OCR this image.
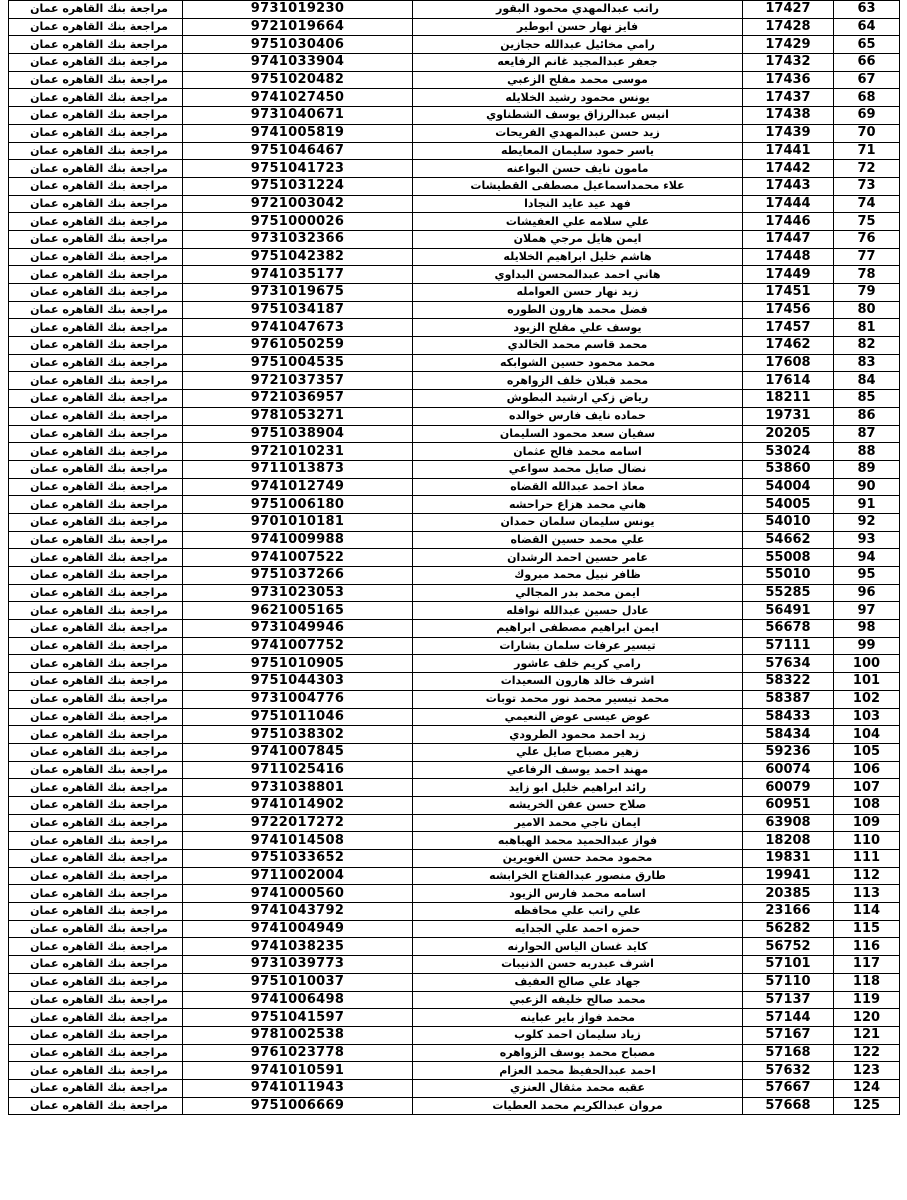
63	17427	راتب عبدالمهدي محمود البقور	9731019230	مراجعة بنك القاهره عمان
64	17428	فايز نهار حسن ابوطير	9721019664	مراجعة بنك القاهره عمان
65	17429	رامي مخائيل عبدالله حجازين	9751030406	مراجعة بنك القاهره عمان
66	17432	جعفر عبدالمجيد غانم الرفايعه	9741033904	مراجعة بنك القاهره عمان
67	17436	موسى محمد مفلح الزعبي	9751020482	مراجعة بنك القاهره عمان
68	17437	يونس محمود رشيد الخلايله	9741027450	مراجعة بنك القاهره عمان
69	17438	انيس عبدالرزاق يوسف الشطناوي	9731040671	مراجعة بنك القاهره عمان
70	17439	زيد حسن عبدالمهدي الفريحات	9741005819	مراجعة بنك القاهره عمان
71	17441	ياسر حمود سليمان المعايطه	9751046467	مراجعة بنك القاهره عمان
72	17442	مامون نايف حسن البواعنه	9751041723	مراجعة بنك القاهره عمان
73	17443	علاء محمداسماعيل مصطفى القطيشات	9751031224	مراجعة بنك القاهره عمان
74	17444	فهد عيد عايد النجادا	9721003042	مراجعة بنك القاهره عمان
75	17446	علي سلامه علي العفيشات	9751000026	مراجعة بنك القاهره عمان
76	17447	ايمن هايل مرجي هملان	9731032366	مراجعة بنك القاهره عمان
77	17448	هاشم خليل ابراهيم الخلايله	9751042382	مراجعة بنك القاهره عمان
78	17449	هاني احمد عبدالمحسن البداوي	9741035177	مراجعة بنك القاهره عمان
79	17451	زيد نهار حسن العوامله	9731019675	مراجعة بنك القاهره عمان
80	17456	فضل محمد هارون الطوره	9751034187	مراجعة بنك القاهره عمان
81	17457	يوسف علي مفلح الزيود	9741047673	مراجعة بنك القاهره عمان
82	17462	محمد قاسم محمد الخالدي	9761050259	مراجعة بنك القاهره عمان
83	17608	محمد محمود حسين الشوابكه	9751004535	مراجعة بنك القاهره عمان
84	17614	محمد قبلان خلف الزواهره	9721037357	مراجعة بنك القاهره عمان
85	18211	رياض زكي ارشيد البطوش	9721036957	مراجعة بنك القاهره عمان
86	19731	حماده نايف فارس خوالده	9781053271	مراجعة بنك القاهره عمان
87	20205	سفيان سعد محمود السليمان	9751038904	مراجعة بنك القاهره عمان
88	53024	اسامه محمد فالح عثمان	9721010231	مراجعة بنك القاهره عمان
89	53860	نضال صايل محمد سواعي	9711013873	مراجعة بنك القاهره عمان
90	54004	معاذ احمد عبدالله القضاه	9741012749	مراجعة بنك القاهره عمان
91	54005	هاني محمد هزاع حراحشه	9751006180	مراجعة بنك القاهره عمان
92	54010	يونس سليمان سلمان حمدان	9701010181	مراجعة بنك القاهره عمان
93	54662	علي محمد حسين القضاه	9741009988	مراجعة بنك القاهره عمان
94	55008	عامر حسين احمد الرشدان	9741007522	مراجعة بنك القاهره عمان
95	55010	ظافر نبيل محمد مبروك	9751037266	مراجعة بنك القاهره عمان
96	55285	ايمن محمد بدر المجالي	9731023053	مراجعة بنك القاهره عمان
97	56491	عادل حسين عبدالله نوافله	9621005165	مراجعة بنك القاهره عمان
98	56678	ايمن ابراهيم مصطفى ابراهيم	9731049946	مراجعة بنك القاهره عمان
99	57111	تيسير عرفات سلمان بشارات	9741007752	مراجعة بنك القاهره عمان
100	57634	رامي كريم خلف عاشور	9751010905	مراجعة بنك القاهره عمان
101	58322	اشرف خالد هارون السعيدات	9751044303	مراجعة بنك القاهره عمان
102	58387	محمد تيسير محمد نور محمد توبات	9731004776	مراجعة بنك القاهره عمان
103	58433	عوض عيسى عوض النعيمي	9751011046	مراجعة بنك القاهره عمان
104	58434	زيد احمد محمود الطرودي	9751038302	مراجعة بنك القاهره عمان
105	59236	زهير مصباح صايل علي	9741007845	مراجعة بنك القاهره عمان
106	60074	مهند احمد يوسف الرفاعي	9711025416	مراجعة بنك القاهره عمان
107	60079	رائد ابراهيم خليل ابو زايد	9731038801	مراجعة بنك القاهره عمان
108	60951	صلاح حسن عفن الخريشه	9741014902	مراجعة بنك القاهره عمان
109	63908	ايمان ناجي محمد الامير	9722017272	مراجعة بنك القاهره عمان
110	18208	فواز عبدالحميد محمد الهباهبه	9741014508	مراجعة بنك القاهره عمان
111	19831	محمود محمد حسن الغويرين	9751033652	مراجعة بنك القاهره عمان
112	19941	طارق منصور عبدالفتاح الخرابشه	9711002004	مراجعة بنك القاهره عمان
113	20385	اسامه محمد فارس الزيود	9741000560	مراجعة بنك القاهره عمان
114	23166	علي راتب علي محافظه	9741043792	مراجعة بنك القاهره عمان
115	56282	حمزه احمد علي الجدايه	9741004949	مراجعة بنك القاهره عمان
116	56752	كايد غسان الياس الحوارنه	9741038235	مراجعة بنك القاهره عمان
117	57101	اشرف عبدربه حسن الذنيبات	9731039773	مراجعة بنك القاهره عمان
118	57110	جهاد علي صالح العفيف	9751010037	مراجعة بنك القاهره عمان
119	57137	محمد صالح خليفه الزعبي	9741006498	مراجعة بنك القاهره عمان
120	57144	محمد فواز باير عباينه	9751041597	مراجعة بنك القاهره عمان
121	57167	زياد سليمان احمد كلوب	9781002538	مراجعة بنك القاهره عمان
122	57168	مصباح محمد يوسف الزواهره	9761023778	مراجعة بنك القاهره عمان
123	57632	احمد عبدالحفيظ محمد العزام	9741010591	مراجعة بنك القاهره عمان
124	57667	عقبه محمد مثقال العنزي	9741011943	مراجعة بنك القاهره عمان
125	57668	مروان عبدالكريم محمد العطيات	9751006669	مراجعة بنك القاهره عمان
